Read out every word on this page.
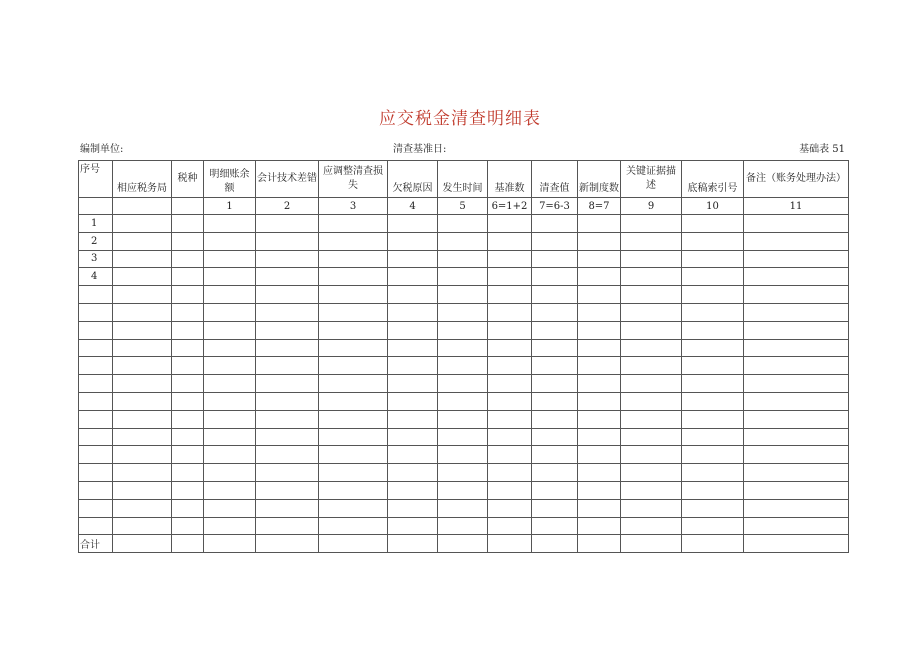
应交税金清查明细表
编制单位:	清查基准日:	基础表 51
序号	相应税务局	税种	明细账余额	会计技术差错	应调整清查损失	欠税原因	发生时间	基准数	清查值	新制度数	关键证据描述	底稿索引号	备注（账务处理办法）
			1	2	3	4	5	6=1+2	7=6-3	8=7	9	10	11
1													
2													
3													
4													

合计													
